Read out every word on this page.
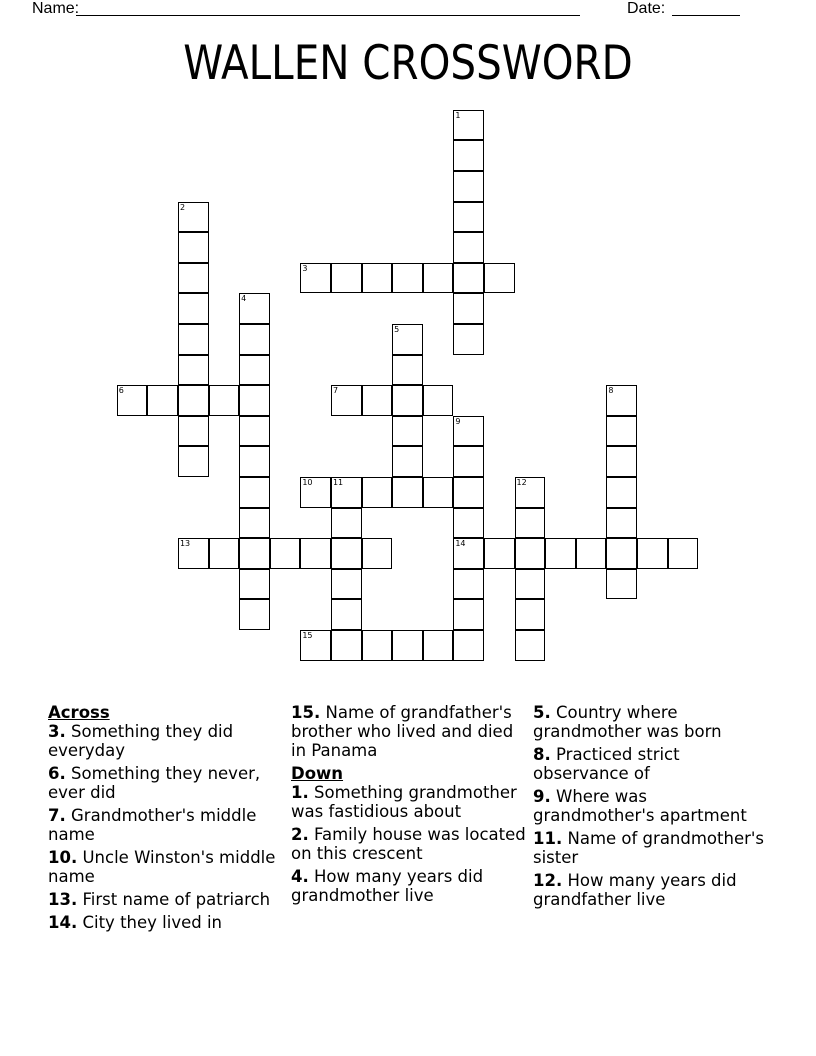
Name:	Date:
WALLEN CROSSWORD
1
2
3
4
5
6	7	8
9
14
10	11	12
13
15
Across
3. Something they did everyday
6. Something they never, ever did
7. Grandmother's middle name
10. Uncle Winston's middle name
13. First name of patriarch
14. City they lived in
15. Name of grandfather's brother who lived and died in Panama
Down
1. Something grandmother was fastidious about
2. Family house was located on this crescent
4. How many years did grandmother live
5. Country where grandmother was born
8. Practiced strict observance of
9. Where was grandmother's apartment
11. Name of grandmother's sister
12. How many years did grandfather live
